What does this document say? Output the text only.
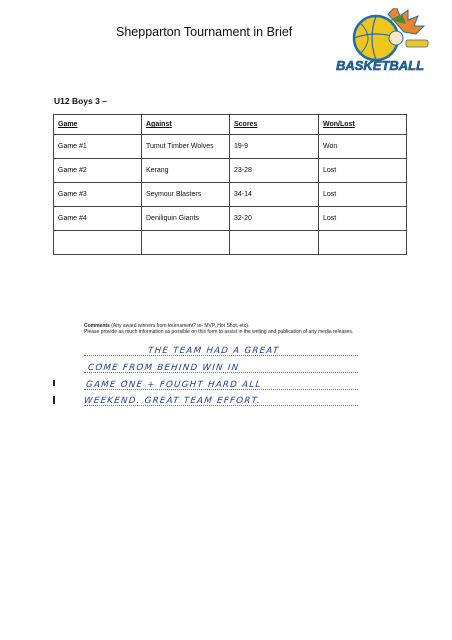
Shepparton Tournament in Brief
BASKETBALL
U12 Boys 3 –
Game	Against	Scores	Won/Lost
Game #1	Tumut Timber Wolves	19-9	Won
Game #2	Kerang	23-28	Lost
Game #3	Seymour Blasters	34-14	Lost
Game #4	Deniliquin Giants	32-20	Lost

Comments (Any award winners from tournament? ie- MVP, Hot Shot, etc).
Please provide as much information as possible on this form to assist in the writing and publication of any media releases.
THE TEAM HAD A GREAT
COME FROM BEHIND WIN IN
GAME ONE + FOUGHT HARD ALL
WEEKEND. GREAT TEAM EFFORT.
